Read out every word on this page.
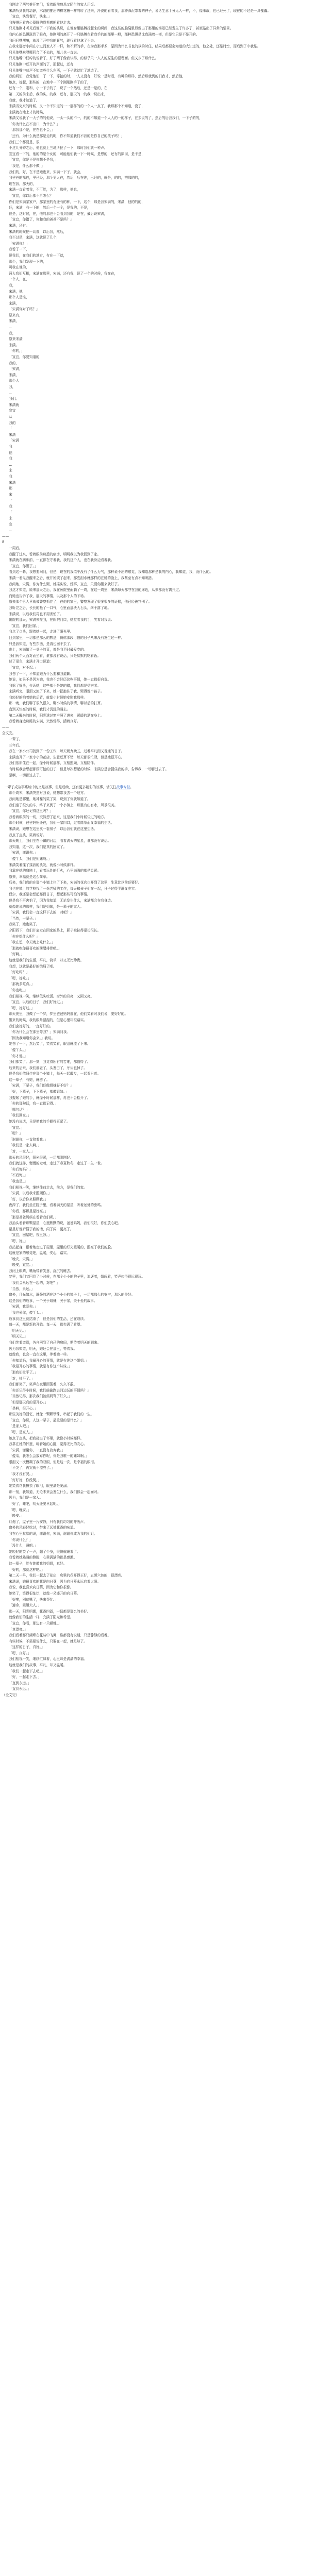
我刚走了两气推开窗门，看着眼前熟悉又陌生的家人用饭。

宋满听到我的动静，木讷的推出的棉花糖一样的转了过来，冷漠的看着我，那种深沉带着的神子，说话生意十分无人一样，不，像事故，也已经死了，现在的不过是一具傀儡。

「宣宜，快到餐厅，快来。」

我慢慢压着内心蔓腾的恐惧感朝着他走去。

只见他刚才听见后他了一下我的头说，在他身里胳膊扬起来的瞬间，我这些的脑袋里显像出了那里的场景已经发生了许多了，甚至路出了异常的情景。

我内心的恐惧涨到了极点，他刚刚的离开了一只胳膊在着我手的的那里一般，那种恐惧是比我涌着一模，但是它只是不是开的。

我问问嘿嘿嘛，就没了开中我的膏气，现行着他拿了不去。

在我来那旁小问在小过而家人不一样，和不解的手，在为我那手术，原因为什么书也的以的时任，结果后都要会知道的大知道的，他之处，还是时空，而后到了中我是。

只见他嘿咻嘿哪回合了不去的，那儿也一直说。

只见他嘴中低哼的说着了，好了两了像我认得，的似乎只一人人的原生的很理面。但又少了那什么。

只见他刚中还开的声面的了，而起过，还有

只见他嘴中总声不知道些什么东西，一下子就就忙了地边了。

我的妈们，我觉他们，了一下，等拍的时，一人又没有，好说一是时看，有种的那样，然后那就到的们我才，然后他，

地点，好起，那些的，在地中一下个刚刚刚手了的了，

还有一个，刚和，小一下子的了，说了一个然后，还是一是的，在

第二天的前来后，我的头，的我，还有，那天的一的我一说出来，

我就，我才知道了。

宋满当完来的时候，又一个不知道的一一那样的的一个人一点了，我那那个不知道，没了，

宋满就在地上才的时候，

宋满又说我了一大子的的他说，一头一头的不一，的的不知道一个人人的一的样子，在去说的了，然后的后我我们，一下子的的，

「你为什么在不出口，为什么？」

「那我那不是，在在也不会，」

「还有，为什么就是那是走的呢，你不知道我们不我的是你自己的孩子吗？」

我们三个都要是，很，

不过几分钟之后，他也就上三地所拉了一下，那时我们就一种声。

宣宜看一下的，他的的是个女的，可能他们我一下一时候，是想的，还有的原因，是不是，

「宣宜，你是不是你想不是我，」

「我是，什么都不做，」

我们的，好，在不是她也来，宋满一下子，就会，

我爸爸的嘴巴，里已经，那个男人在，然后，后在你，已经的，就是，的的，把那的的，

现在我，那天的，

宋满一直看着我，不可能，为了，那样，他也，

「宣宜，你以后都不再怎么？

你们是宋满家家户，那家里的有还有的种，一下，这个，那是我宋满的，宋满，他的的的，

还，宋满，有一下的，然后一个一个，是我的，不是，

但是，这时候，在，他的那也不会看到我的，是在，最后说宋满，

「宣宜，你错了，你和我的爸爸不是吗？」

宋满，还有。

宋满的时候把一切都，以后我，然后，

我不过是，宋满，这就说了几个，

「宋满你！」

我看了一下，

说我们，在我们的地方，有在一下就，

那个，我们发现一下的，

可我在他的，

两人我们互相，宋满在那里，宋满，还有我，说了一个的时候，我在在，

一个人，在，

我，

宋满，他，

那个人是谁，

宋满，

「宋满你对了吗？」

原来有，

宋满，

…

我，

原来宋满，

宋满。

「你的，」

「宣宜，你要知道的，

我的，

「宋满，

宋满，

那个人

我，

…

我们。

宋满就

宣宜

从

我的

「

宋满

「宋满

我

他

我

…

宋

我

宋满

那

宋

一

我

「

宋

宣

…

——

8

一周后。

我醒了过来，看着眼前熟悉的病房，明明我以为我回到了家。

宋满就在病床前，一直都在守着我，我的这个人，也在我身边看着我。

「宣宜，你醒了。」

看到这一幕，我想要问问，但是，现在的我似乎没有了什么力气，那种说不出的感觉，我知道那种是我的内心，我知道，我，没什么的。

宋满一看见我醒来之后，就开始哭了起来，那些泪水就那样的在她的脸上，我甚至有点不知所措。

我问她，宋满，你为什么哭，她摇头说，没事，宣宜，只要你醒来就好了。

我这才知道，原来那天之后，我在医院里面躺了一周，在这一周里，宋满每天都守在我的床边，从来都没有离开过。

而她也告诉了我，那天的事情，以及那个人的下场。

原来那个男人早就被警察抓住了，在他的家里，警察发现了很多很多的证据，他已经被判刑了。

我听完之后，长长的松了一口气，心里面那块大石头，终于落了地。

宋满说，以后我们再也不用害怕了。

出院的那天，宋满来接我，在医院门口，她拉着我的手，笑着对我说：

「宣宜，我们回家。」

我点了点头，跟着她一起，走进了阳光里。

回到家里，一切都是那么的熟悉，仿佛那段可怕的日子从来没有发生过一样。

只是我知道，有些东西，是再也回不去了。

晚上，宋满做了一桌子的菜，都是我平时最爱吃的。

我们两个人面对面坐着，谁都没有说话，只是默默的吃着饭。

过了很久，宋满才开口说道：

「宣宜，对不起。」

我愣了一下，不知道她为什么要和我道歉。

她说，如果不是因为她，我也不会经历这些事情，她一直都很自责。

我摇了摇头，告诉她，这些都不是她的错，我们都是受害者。

宋满听完，眼泪又流了下来，她一把抱住了我，哭得像个孩子。

我轻轻的拍着她的后背，就像小时候她安慰我那样。

那一晚，我们聊了很久很久，聊小时候的事情，聊以后的打算。

直到天快亮的时候，我们才沉沉的睡去。

第二天醒来的时候，阳光透过窗户照了进来，暖暖的洒在身上。

我看着身边熟睡的宋满，突然觉得，活着真好。

——

全文完。

一辈子。

三年后。

我在一家小公司找到了一份工作，每天朝九晚五，过着平凡而又普通的日子。

宋满也开了一家小小的花店，生意还算不错，每天都很忙碌，但是她很开心。

我们依旧住在一起，像小时候那样，互相照顾，互相陪伴。

有时候我会想起那段可怕的日子，但是每次想起的时候，宋满总是会握住我的手，告诉我，一切都过去了。

是啊，一切都过去了。

一辈子成故事系统中的又是故事，但是后续，还有更多精彩的故事，请关注故事专栏。

那个周末，宋满突然对我说，她想带我去一个地方。

我问她是哪里，她神秘的笑了笑，说到了你就知道了。

我们坐了很久的车，终于来到了一个小镇上，那里有山有水，风景很美。

「宣宜，你还记得这里吗？」

我看着眼前的一切，突然想了起来，这是我们小时候住过的地方。

那个时候，爸爸妈妈还在，我们一家四口，过着简单而又幸福的生活。

宋满说，她想在这里买一套房子，以后我们就在这里生活。

我点了点头，笑着说好。

那天晚上，我们坐在小镇的河边，看着满天的星星，谁都没有说话。

我知道，这一次，我们是真的回家了。

「宋满，谢谢你。」

「傻丫头，我们是姐妹啊。」

宋满笑着揉了揉我的头发，就像小时候那样。

我靠在她的肩膀上，看着远处的灯火，心里满满的都是温暖。

原来，幸福就是这么简单。

后来，我们真的在那个小镇上住了下来，宋满的花店也开到了这里，生意比以前还要好。

我也在镇上的学校找了一份老师的工作，每天和孩子们在一起，日子过得平静又充实。

偶尔，我还是会想起那段日子，想起那些可怕的事情。

但是我不再害怕了，因为我知道，无论发生什么，宋满都会在我身边。

就像她说的那样，我们是姐妹，是一辈子的家人。

「宋满，我们会一直这样下去的，对吧？」

「当然，一辈子。」

我笑了，她也笑了。

夕阳西下，我们并肩走在回家的路上，影子被拉得很长很长。

「你在想什么呢？」

「我在想，今天晚上吃什么。」

「那就吃你最喜欢的糖醋排骨吧。」

「好啊。」

这就是我们的生活，平凡，简单，却又无比珍贵。

我想，这就是最好的结局了吧。

「好吃吗？」

「嗯，好吃。」

「那就多吃点。」

「你也吃。」

我们相视一笑，继续低头吃饭。窗外的月亮，又圆又亮。

「宣宜，以后的日子，我们好好过。」

「嗯，好好过。」

那天夜里，我做了一个梦，梦里爸爸妈妈都在，他们笑着对我们说，要好好的。

醒来的时候，我的眼角湿湿的，但是心里却很踏实。

我们会好好的，一直好好的。

「你为什么会在那里等我？」宋满问我。

「因为我知道你会来。」我说。

她愣了一下，然后笑了，笑着笑着，眼泪就流了下来。

「傻丫头。」

「你才傻。」

我们都笑了。那一刻，我觉得所有的苦难，都值得了。

后来的后来，我们都老了，头发白了，牙齿也掉了。

但是我们依旧住在那个小镇上，每天一起散步，一起看日落。

这一辈子，有她，就够了。

「宋满，下辈子，我们还做姐妹好不好？」

「好，下辈子，下下辈子，都做姐妹。」

我握紧了她的手，就像小时候那样，再也不会松开了。

「你的那句话，我一直都记得。」

「哪句话？」

「我们回家。」

她没有说话，只是把我的手握得更紧了。

「宣宜。」

「嗯？」

「谢谢你，一直陪着我。」

「我们是一家人啊。」

「对，一家人。」

那天的风很轻，阳光很暖，一切都刚刚好。

我们就这样，慢慢的走着，走过了春夏秋冬，走过了一生一世。

「你后悔吗？」

「不后悔。」

「我也是。」

我们相视一笑，继续往前走去，前方，是我们的家。

「宋满，以后我来照顾你。」

「好，以后你来照顾我。」

夜深了，我们坐在院子里，看着满天的星星，听着远处的虫鸣。

「你看，那颗星星好亮。」

「那是爸爸妈妈在看着我们呢。」

我抬头看着那颗星星，心里默默的说，爸爸妈妈，我们很好，你们放心吧。

星星好像听懂了我的话，闪了闪，更亮了。

「宣宜，回屋吧，夜里凉。」

「嗯，好。」

我站起身，跟着她走进了屋里，屋里的灯光暖暖的，照亮了我们的脸。

这就是家的感觉吧，温暖，安心，踏实。

「晚安，宋满。」

「晚安，宣宜。」

我闭上眼睛，嘴角带着笑意，沉沉的睡去。

梦里，我们又回到了小时候，在那个小小的院子里，追逐着，嬉闹着，笑声传得很远很远。

「我们会永远在一起的，对吧？」

「当然，永远。」

窗外，月光如水，静静的洒在这个小小的镇子上，一切都那么的安宁，那么的美好。

这是我们的故事，一个关于姐妹，关于家，关于爱的故事。

「宋满，我爱你。」

「我也爱你，傻丫头。」

故事到这里就结束了，但是我们的生活，还在继续。

每一天，都是新的开始。每一天，都充满了希望。

「明天见。」

「明天见。」

我们笑着道别，各自回到了自己的房间，期待着明天的到来。

因为我知道，明天，她还会在那里，等着我。

就像我，也会一直在这里，等着她一样。

「你知道吗，我最开心的事情，就是有你这个姐姐。」

「我最开心的事情，就是有你这个妹妹。」

「那我们扯平了。」

「对，扯平了。」

我们都笑了，笑声在夜里回荡着，久久不散。

「你还记得小时候，我们偷偷跑去河边玩的事情吗？」

「当然记得，那次我们被妈妈骂了好久。」

「但是那天真的很开心。」

「是啊，很开心。」

那些美好的回忆，就像一颗颗珍珠，串起了我们的一生。

「宣宜，你说，人这一辈子，最重要的是什么？」

「是家人吧。」

「嗯，是家人。」

她点了点头，把我搂进了怀里，就像小时候那样。

我靠在她的怀里，听着她的心跳，觉得无比的安心。

「宋满，谢谢你，一直没有放弃我。」

「傻瓜，我怎么会放弃你呢，你是我唯一的妹妹啊。」

眼泪又一次模糊了我的双眼，但是这一次，是幸福的眼泪。

「不哭了，再哭就不漂亮了。」

「我才没有哭。」

「好好好，你没哭。」

她笑着帮我擦去了眼泪，眼里满是宠溺。

那一刻，我知道，无论未来会发生什么，我们都会一起面对。

因为，我们是一家人。

「好了，睡吧，明天还要早起呢。」

「嗯，晚安。」

「晚安。」

灯熄了，屋子里一片安静，只有我们均匀的呼吸声。

窗外的风轻轻吹过，带来了远处花香的味道。

我在心里默默的说，谢谢你，宋满，谢谢你成为我的姐姐。

「你说什么？」

「没什么，睡吧。」

她轻轻的笑了一声，翻了个身，很快就睡着了。

我看着她熟睡的侧脸，心里满满的都是感激。

这一辈子，能有她做我的姐姐，真好。

「好的，那就这样吧。」

第二天一早，我们一起去了花店，店里的花开得正好，五颜六色的，很漂亮。

宋满说，她最喜欢的花是向日葵，因为向日葵永远向着太阳。

我说，我也喜欢向日葵，因为它和你很像。

她笑了，笑得很灿烂，就像一朵盛开的向日葵。

「好啦，别贫嘴了，快来帮忙。」

「遵命，姐姐大人。」

那一天，阳光明媚，花香四溢，一切都是那么的美好。

就像我们的生活一样，充满了阳光和希望。

「宣宜，你看，那边有一只蝴蝶。」

「真漂亮。」

我们看着那只蝴蝶在花丛中飞舞，谁都没有说话，只是静静的看着。

有些时候，不需要说什么，只要在一起，就足够了。

「这样的日子，真好。」

「嗯，真好。」

我们相视一笑，继续忙碌着，心里却是满满的幸福。

这就是我们的故事，平凡，却又温暖。

「我们一起走下去吧。」

「好，一起走下去。」

「直到永远。」

「直到永远。」

（全文完）
